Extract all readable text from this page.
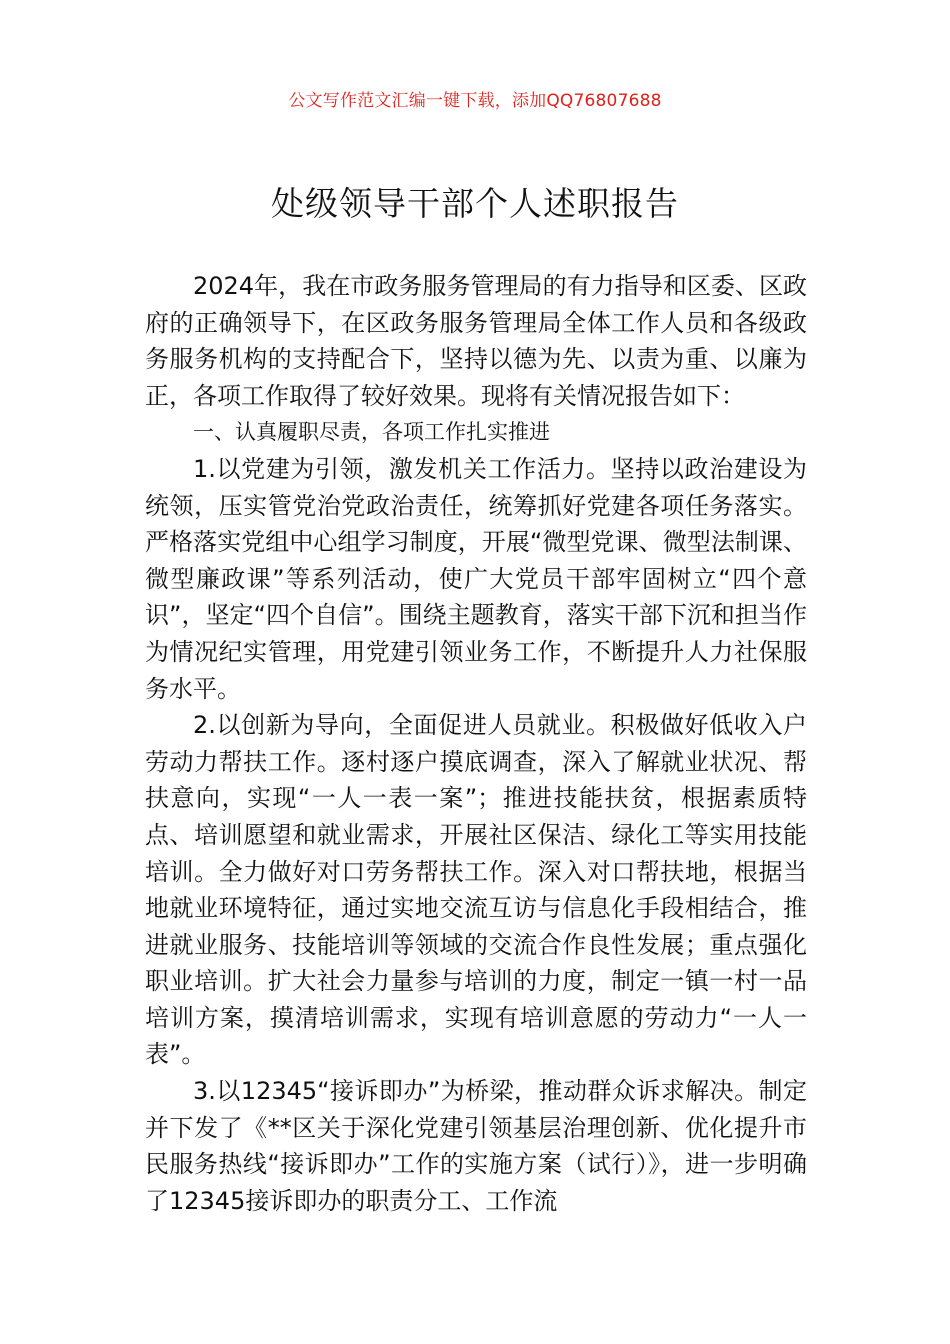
公文写作范文汇编一键下载，添加QQ76807688
处级领导干部个人述职报告

2024年，我在市政务服务管理局的有力指导和区委、区政府的正确领导下，在区政务服务管理局全体工作人员和各级政务服务机构的支持配合下，坚持以德为先、以责为重、以廉为正，各项工作取得了较好效果。现将有关情况报告如下：

一、认真履职尽责，各项工作扎实推进

1.以党建为引领，激发机关工作活力。坚持以政治建设为统领，压实管党治党政治责任，统筹抓好党建各项任务落实。严格落实党组中心组学习制度，开展“微型党课、微型法制课、微型廉政课”等系列活动，使广大党员干部牢固树立“四个意识”，坚定“四个自信”。围绕主题教育，落实干部下沉和担当作为情况纪实管理，用党建引领业务工作，不断提升人力社保服务水平。

2.以创新为导向，全面促进人员就业。积极做好低收入户劳动力帮扶工作。逐村逐户摸底调查，深入了解就业状况、帮扶意向，实现“一人一表一案”；推进技能扶贫，根据素质特点、培训愿望和就业需求，开展社区保洁、绿化工等实用技能培训。全力做好对口劳务帮扶工作。深入对口帮扶地，根据当地就业环境特征，通过实地交流互访与信息化手段相结合，推进就业服务、技能培训等领域的交流合作良性发展；重点强化职业培训。扩大社会力量参与培训的力度，制定一镇一村一品培训方案，摸清培训需求，实现有培训意愿的劳动力“一人一表”。

3.以12345“接诉即办”为桥梁，推动群众诉求解决。制定并下发了《**区关于深化党建引领基层治理创新、优化提升市民服务热线“接诉即办”工作的实施方案（试行）》，进一步明确了12345接诉即办的职责分工、工作流
